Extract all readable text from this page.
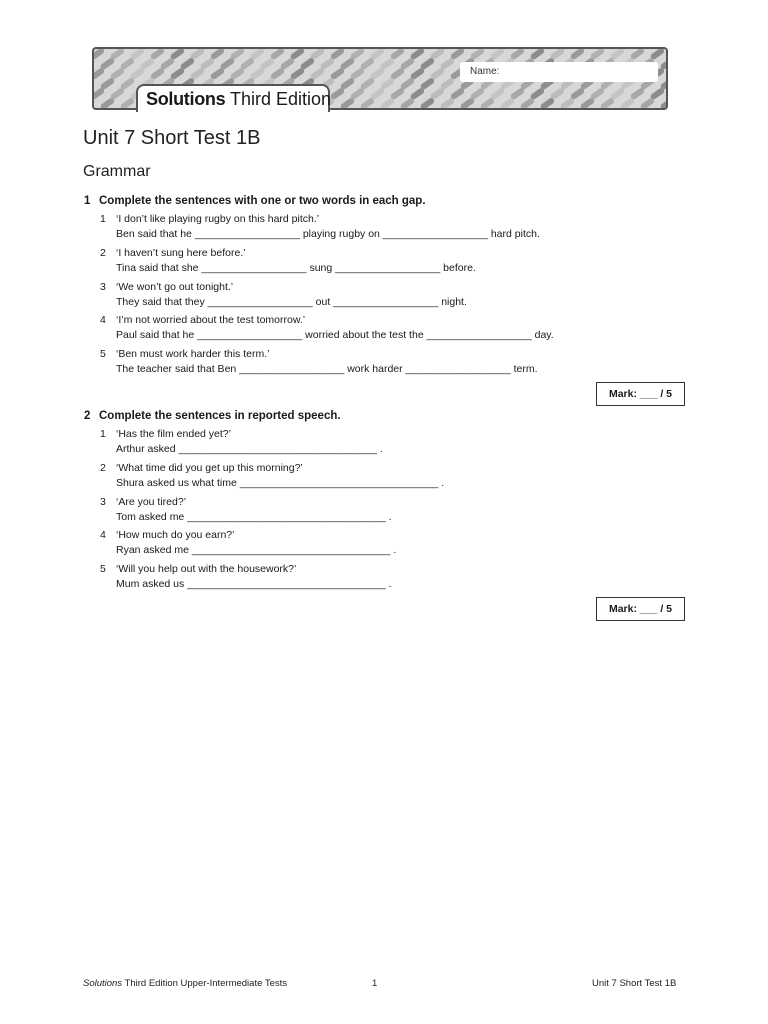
Name:
Solutions Third Edition
Unit 7 Short Test 1B
Grammar
1 Complete the sentences with one or two words in each gap.
1 ‘I don’t like playing rugby on this hard pitch.’
Ben said that he __________________ playing rugby on __________________ hard pitch.
2 ‘I haven’t sung here before.’
Tina said that she __________________ sung __________________ before.
3 ‘We won’t go out tonight.’
They said that they __________________ out __________________ night.
4 ‘I’m not worried about the test tomorrow.’
Paul said that he __________________ worried about the test the __________________ day.
5 ‘Ben must work harder this term.’
The teacher said that Ben __________________ work harder __________________ term.
Mark: ___ / 5
2 Complete the sentences in reported speech.
1 ‘Has the film ended yet?’
Arthur asked __________________________________ .
2 ‘What time did you get up this morning?’
Shura asked us what time __________________________________ .
3 ‘Are you tired?’
Tom asked me __________________________________ .
4 ‘How much do you earn?’
Ryan asked me __________________________________ .
5 ‘Will you help out with the housework?’
Mum asked us __________________________________ .
Mark: ___ / 5
Solutions Third Edition Upper-Intermediate Tests	1	Unit 7 Short Test 1B
